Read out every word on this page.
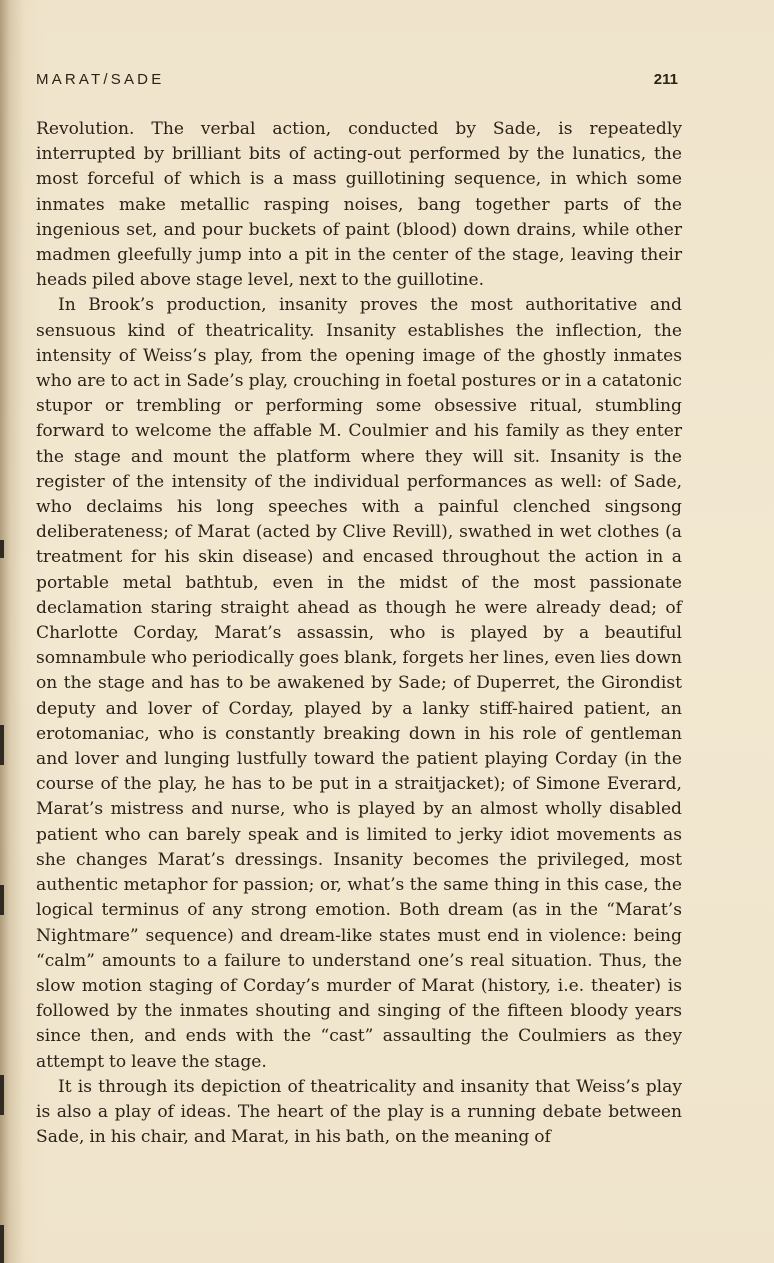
MARAT/SADE	211

Revolution. The verbal action, conducted by Sade, is repeatedly interrupted by brilliant bits of acting-out performed by the lunatics, the most forceful of which is a mass guillotining sequence, in which some inmates make metallic rasping noises, bang together parts of the ingenious set, and pour buckets of paint (blood) down drains, while other madmen gleefully jump into a pit in the center of the stage, leaving their heads piled above stage level, next to the guillotine.

In Brook’s production, insanity proves the most authoritative and sensuous kind of theatricality. Insanity establishes the inflection, the intensity of Weiss’s play, from the opening image of the ghostly inmates who are to act in Sade’s play, crouching in foetal postures or in a catatonic stupor or trembling or performing some obsessive ritual, stumbling forward to welcome the affable M. Coulmier and his family as they enter the stage and mount the platform where they will sit. Insanity is the register of the intensity of the individual performances as well: of Sade, who declaims his long speeches with a painful clenched singsong deliberateness; of Marat (acted by Clive Revill), swathed in wet clothes (a treatment for his skin disease) and encased throughout the action in a portable metal bathtub, even in the midst of the most passionate declamation staring straight ahead as though he were already dead; of Charlotte Corday, Marat’s assassin, who is played by a beautiful somnambule who periodically goes blank, forgets her lines, even lies down on the stage and has to be awakened by Sade; of Duperret, the Girondist deputy and lover of Corday, played by a lanky stiff-haired patient, an erotomaniac, who is constantly breaking down in his role of gentleman and lover and lunging lustfully toward the patient playing Corday (in the course of the play, he has to be put in a straitjacket); of Simone Everard, Marat’s mistress and nurse, who is played by an almost wholly disabled patient who can barely speak and is limited to jerky idiot movements as she changes Marat’s dressings. Insanity becomes the privileged, most authentic metaphor for passion; or, what’s the same thing in this case, the logical terminus of any strong emotion. Both dream (as in the “Marat’s Nightmare” sequence) and dream-like states must end in violence: being “calm” amounts to a failure to understand one’s real situation. Thus, the slow motion staging of Corday’s murder of Marat (history, i.e. theater) is followed by the inmates shouting and singing of the fifteen bloody years since then, and ends with the “cast” assaulting the Coulmiers as they attempt to leave the stage.

It is through its depiction of theatricality and insanity that Weiss’s play is also a play of ideas. The heart of the play is a running debate between Sade, in his chair, and Marat, in his bath, on the meaning of
